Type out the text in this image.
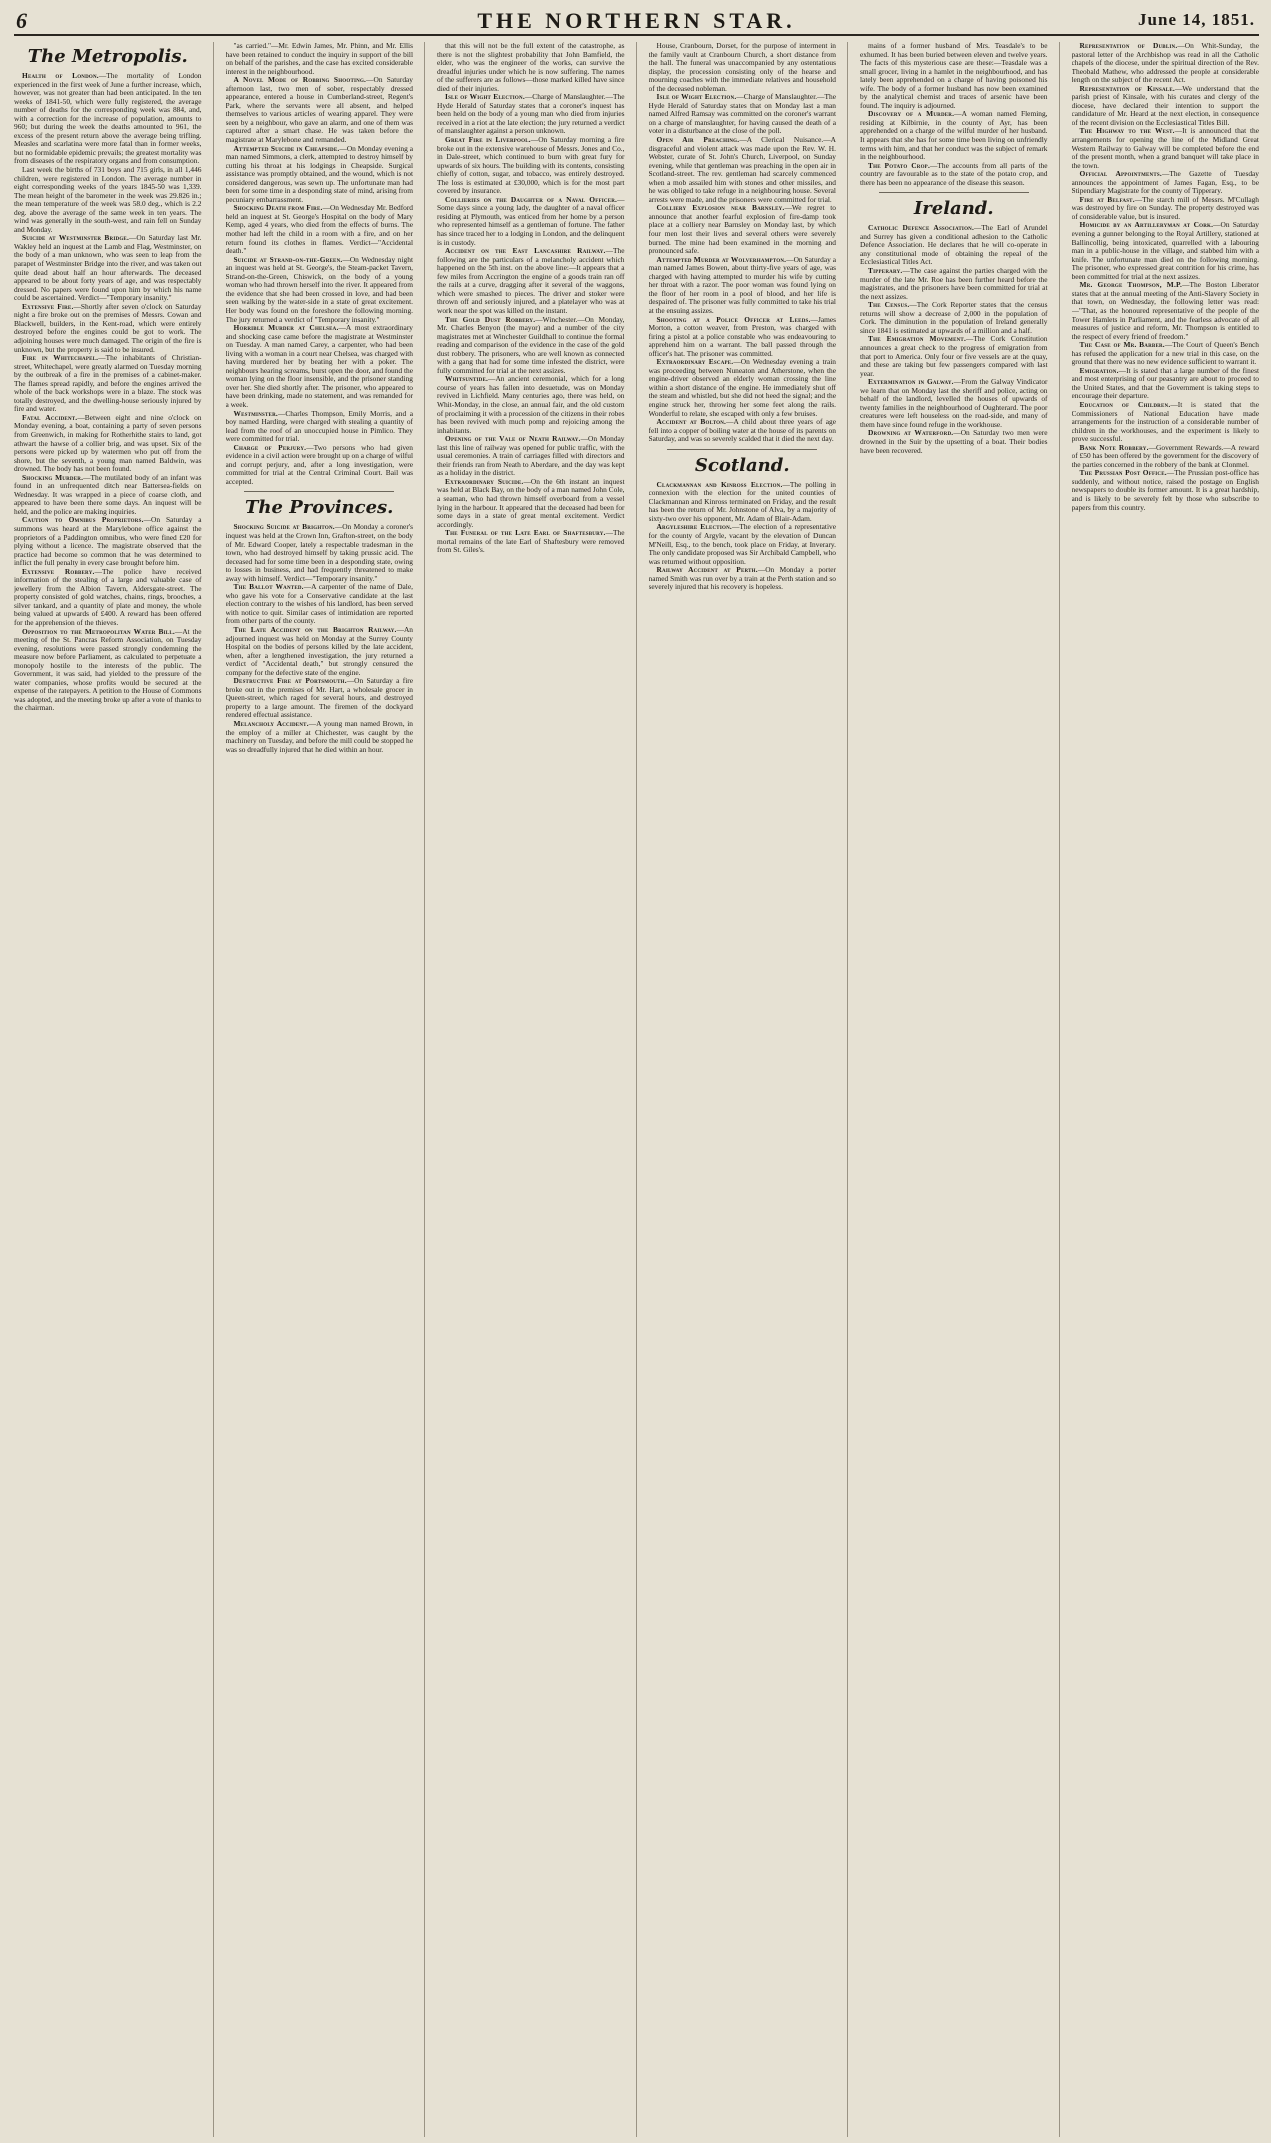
6	THE NORTHERN STAR.	June 14, 1851.
The Metropolis.

Health of London.—The mortality of London experienced in the first week of June a further increase, which, however, was not greater than had been anticipated. In the ten weeks of 1841-50, which were fully registered, the average number of deaths for the corresponding week was 884, and, with a correction for the increase of population, amounts to 960; but during the week the deaths amounted to 961, the excess of the present return above the average being trifling. Measles and scarlatina were more fatal than in former weeks, but no formidable epidemic prevails; the greatest mortality was from diseases of the respiratory organs and from consumption.

Last week the births of 731 boys and 715 girls, in all 1,446 children, were registered in London. The average number in eight corresponding weeks of the years 1845-50 was 1,339. The mean height of the barometer in the week was 29.826 in.; the mean temperature of the week was 58.0 deg., which is 2.2 deg. above the average of the same week in ten years. The wind was generally in the south-west, and rain fell on Sunday and Monday.

Suicide at Westminster Bridge.—On Saturday last Mr. Wakley held an inquest at the Lamb and Flag, Westminster, on the body of a man unknown, who was seen to leap from the parapet of Westminster Bridge into the river, and was taken out quite dead about half an hour afterwards. The deceased appeared to be about forty years of age, and was respectably dressed. No papers were found upon him by which his name could be ascertained. Verdict—"Temporary insanity."

Extensive Fire.—Shortly after seven o'clock on Saturday night a fire broke out on the premises of Messrs. Cowan and Blackwell, builders, in the Kent-road, which were entirely destroyed before the engines could be got to work. The adjoining houses were much damaged. The origin of the fire is unknown, but the property is said to be insured.

Fire in Whitechapel.—The inhabitants of Christian-street, Whitechapel, were greatly alarmed on Tuesday morning by the outbreak of a fire in the premises of a cabinet-maker. The flames spread rapidly, and before the engines arrived the whole of the back workshops were in a blaze. The stock was totally destroyed, and the dwelling-house seriously injured by fire and water.

Fatal Accident.—Between eight and nine o'clock on Monday evening, a boat, containing a party of seven persons from Greenwich, in making for Rotherhithe stairs to land, got athwart the hawse of a collier brig, and was upset. Six of the persons were picked up by watermen who put off from the shore, but the seventh, a young man named Baldwin, was drowned. The body has not been found.

Shocking Murder.—The mutilated body of an infant was found in an unfrequented ditch near Battersea-fields on Wednesday. It was wrapped in a piece of coarse cloth, and appeared to have been there some days. An inquest will be held, and the police are making inquiries.

Caution to Omnibus Proprietors.—On Saturday a summons was heard at the Marylebone office against the proprietors of a Paddington omnibus, who were fined £20 for plying without a licence. The magistrate observed that the practice had become so common that he was determined to inflict the full penalty in every case brought before him.

Extensive Robbery.—The police have received information of the stealing of a large and valuable case of jewellery from the Albion Tavern, Aldersgate-street. The property consisted of gold watches, chains, rings, brooches, a silver tankard, and a quantity of plate and money, the whole being valued at upwards of £400. A reward has been offered for the apprehension of the thieves.

Opposition to the Metropolitan Water Bill.—At the meeting of the St. Pancras Reform Association, on Tuesday evening, resolutions were passed strongly condemning the measure now before Parliament, as calculated to perpetuate a monopoly hostile to the interests of the public. The Government, it was said, had yielded to the pressure of the water companies, whose profits would be secured at the expense of the ratepayers. A petition to the House of Commons was adopted, and the meeting broke up after a vote of thanks to the chairman.

"as carried."—Mr. Edwin James, Mr. Phinn, and Mr. Ellis have been retained to conduct the inquiry in support of the bill on behalf of the parishes, and the case has excited considerable interest in the neighbourhood.

A Novel Mode of Robbing Shooting.—On Saturday afternoon last, two men of sober, respectably dressed appearance, entered a house in Cumberland-street, Regent's Park, where the servants were all absent, and helped themselves to various articles of wearing apparel. They were seen by a neighbour, who gave an alarm, and one of them was captured after a smart chase. He was taken before the magistrate at Marylebone and remanded.

Attempted Suicide in Cheapside.—On Monday evening a man named Simmons, a clerk, attempted to destroy himself by cutting his throat at his lodgings in Cheapside. Surgical assistance was promptly obtained, and the wound, which is not considered dangerous, was sewn up. The unfortunate man had been for some time in a desponding state of mind, arising from pecuniary embarrassment.

Shocking Death from Fire.—On Wednesday Mr. Bedford held an inquest at St. George's Hospital on the body of Mary Kemp, aged 4 years, who died from the effects of burns. The mother had left the child in a room with a fire, and on her return found its clothes in flames. Verdict—"Accidental death."

Suicide at Strand-on-the-Green.—On Wednesday night an inquest was held at St. George's, the Steam-packet Tavern, Strand-on-the-Green, Chiswick, on the body of a young woman who had thrown herself into the river. It appeared from the evidence that she had been crossed in love, and had been seen walking by the water-side in a state of great excitement. Her body was found on the foreshore the following morning. The jury returned a verdict of "Temporary insanity."

Horrible Murder at Chelsea.—A most extraordinary and shocking case came before the magistrate at Westminster on Tuesday. A man named Carey, a carpenter, who had been living with a woman in a court near Chelsea, was charged with having murdered her by beating her with a poker. The neighbours hearing screams, burst open the door, and found the woman lying on the floor insensible, and the prisoner standing over her. She died shortly after. The prisoner, who appeared to have been drinking, made no statement, and was remanded for a week.

Westminster.—Charles Thompson, Emily Morris, and a boy named Harding, were charged with stealing a quantity of lead from the roof of an unoccupied house in Pimlico. They were committed for trial.

Charge of Perjury.—Two persons who had given evidence in a civil action were brought up on a charge of wilful and corrupt perjury, and, after a long investigation, were committed for trial at the Central Criminal Court. Bail was accepted.

The Provinces.

Shocking Suicide at Brighton.—On Monday a coroner's inquest was held at the Crown Inn, Grafton-street, on the body of Mr. Edward Cooper, lately a respectable tradesman in the town, who had destroyed himself by taking prussic acid. The deceased had for some time been in a desponding state, owing to losses in business, and had frequently threatened to make away with himself. Verdict—"Temporary insanity."

The Ballot Wanted.—A carpenter of the name of Dale, who gave his vote for a Conservative candidate at the last election contrary to the wishes of his landlord, has been served with notice to quit. Similar cases of intimidation are reported from other parts of the county.

The Late Accident on the Brighton Railway.—An adjourned inquest was held on Monday at the Surrey County Hospital on the bodies of persons killed by the late accident, when, after a lengthened investigation, the jury returned a verdict of "Accidental death," but strongly censured the company for the defective state of the engine.

Destructive Fire at Portsmouth.—On Saturday a fire broke out in the premises of Mr. Hart, a wholesale grocer in Queen-street, which raged for several hours, and destroyed property to a large amount. The firemen of the dockyard rendered effectual assistance.

Melancholy Accident.—A young man named Brown, in the employ of a miller at Chichester, was caught by the machinery on Tuesday, and before the mill could be stopped he was so dreadfully injured that he died within an hour.

that this will not be the full extent of the catastrophe, as there is not the slightest probability that John Bamfield, the elder, who was the engineer of the works, can survive the dreadful injuries under which he is now suffering. The names of the sufferers are as follows—those marked killed have since died of their injuries.

Isle of Wight Election.—Charge of Manslaughter.—The Hyde Herald of Saturday states that a coroner's inquest has been held on the body of a young man who died from injuries received in a riot at the late election; the jury returned a verdict of manslaughter against a person unknown.

Great Fire in Liverpool.—On Saturday morning a fire broke out in the extensive warehouse of Messrs. Jones and Co., in Dale-street, which continued to burn with great fury for upwards of six hours. The building with its contents, consisting chiefly of cotton, sugar, and tobacco, was entirely destroyed. The loss is estimated at £30,000, which is for the most part covered by insurance.

Collieries on the Daughter of a Naval Officer.—Some days since a young lady, the daughter of a naval officer residing at Plymouth, was enticed from her home by a person who represented himself as a gentleman of fortune. The father has since traced her to a lodging in London, and the delinquent is in custody.

Accident on the East Lancashire Railway.—The following are the particulars of a melancholy accident which happened on the 5th inst. on the above line:—It appears that a few miles from Accrington the engine of a goods train ran off the rails at a curve, dragging after it several of the waggons, which were smashed to pieces. The driver and stoker were thrown off and seriously injured, and a platelayer who was at work near the spot was killed on the instant.

The Gold Dust Robbery.—Winchester.—On Monday, Mr. Charles Benyon (the mayor) and a number of the city magistrates met at Winchester Guildhall to continue the formal reading and comparison of the evidence in the case of the gold dust robbery. The prisoners, who are well known as connected with a gang that had for some time infested the district, were fully committed for trial at the next assizes.

Whitsuntide.—An ancient ceremonial, which for a long course of years has fallen into desuetude, was on Monday revived in Lichfield. Many centuries ago, there was held, on Whit-Monday, in the close, an annual fair, and the old custom of proclaiming it with a procession of the citizens in their robes has been revived with much pomp and rejoicing among the inhabitants.

Opening of the Vale of Neath Railway.—On Monday last this line of railway was opened for public traffic, with the usual ceremonies. A train of carriages filled with directors and their friends ran from Neath to Aberdare, and the day was kept as a holiday in the district.

Extraordinary Suicide.—On the 6th instant an inquest was held at Black Bay, on the body of a man named John Cole, a seaman, who had thrown himself overboard from a vessel lying in the harbour. It appeared that the deceased had been for some days in a state of great mental excitement. Verdict accordingly.

The Funeral of the Late Earl of Shaftesbury.—The mortal remains of the late Earl of Shaftesbury were removed from St. Giles's.

House, Cranbourn, Dorset, for the purpose of interment in the family vault at Cranbourn Church, a short distance from the hall. The funeral was unaccompanied by any ostentatious display, the procession consisting only of the hearse and mourning coaches with the immediate relatives and household of the deceased nobleman.

Isle of Wight Election.—Charge of Manslaughter.—The Hyde Herald of Saturday states that on Monday last a man named Alfred Ramsay was committed on the coroner's warrant on a charge of manslaughter, for having caused the death of a voter in a disturbance at the close of the poll.

Open Air Preaching.—A Clerical Nuisance.—A disgraceful and violent attack was made upon the Rev. W. H. Webster, curate of St. John's Church, Liverpool, on Sunday evening, while that gentleman was preaching in the open air in Scotland-street. The rev. gentleman had scarcely commenced when a mob assailed him with stones and other missiles, and he was obliged to take refuge in a neighbouring house. Several arrests were made, and the prisoners were committed for trial.

Colliery Explosion near Barnsley.—We regret to announce that another fearful explosion of fire-damp took place at a colliery near Barnsley on Monday last, by which four men lost their lives and several others were severely burned. The mine had been examined in the morning and pronounced safe.

Attempted Murder at Wolverhampton.—On Saturday a man named James Bowen, about thirty-five years of age, was charged with having attempted to murder his wife by cutting her throat with a razor. The poor woman was found lying on the floor of her room in a pool of blood, and her life is despaired of. The prisoner was fully committed to take his trial at the ensuing assizes.

Shooting at a Police Officer at Leeds.—James Morton, a cotton weaver, from Preston, was charged with firing a pistol at a police constable who was endeavouring to apprehend him on a warrant. The ball passed through the officer's hat. The prisoner was committed.

Extraordinary Escape.—On Wednesday evening a train was proceeding between Nuneaton and Atherstone, when the engine-driver observed an elderly woman crossing the line within a short distance of the engine. He immediately shut off the steam and whistled, but she did not heed the signal; and the engine struck her, throwing her some feet along the rails. Wonderful to relate, she escaped with only a few bruises.

Accident at Bolton.—A child about three years of age fell into a copper of boiling water at the house of its parents on Saturday, and was so severely scalded that it died the next day.

Scotland.

Clackmannan and Kinross Election.—The polling in connexion with the election for the united counties of Clackmannan and Kinross terminated on Friday, and the result has been the return of Mr. Johnstone of Alva, by a majority of sixty-two over his opponent, Mr. Adam of Blair-Adam.

Argyleshire Election.—The election of a representative for the county of Argyle, vacant by the elevation of Duncan M'Neill, Esq., to the bench, took place on Friday, at Inverary. The only candidate proposed was Sir Archibald Campbell, who was returned without opposition.

Railway Accident at Perth.—On Monday a porter named Smith was run over by a train at the Perth station and so severely injured that his recovery is hopeless.

mains of a former husband of Mrs. Teasdale's to be exhumed. It has been buried between eleven and twelve years. The facts of this mysterious case are these:—Teasdale was a small grocer, living in a hamlet in the neighbourhood, and has lately been apprehended on a charge of having poisoned his wife. The body of a former husband has now been examined by the analytical chemist and traces of arsenic have been found. The inquiry is adjourned.

Discovery of a Murder.—A woman named Fleming, residing at Kilbirnie, in the county of Ayr, has been apprehended on a charge of the wilful murder of her husband. It appears that she has for some time been living on unfriendly terms with him, and that her conduct was the subject of remark in the neighbourhood.

The Potato Crop.—The accounts from all parts of the country are favourable as to the state of the potato crop, and there has been no appearance of the disease this season.

Ireland.

Catholic Defence Association.—The Earl of Arundel and Surrey has given a conditional adhesion to the Catholic Defence Association. He declares that he will co-operate in any constitutional mode of obtaining the repeal of the Ecclesiastical Titles Act.

Tipperary.—The case against the parties charged with the murder of the late Mr. Roe has been further heard before the magistrates, and the prisoners have been committed for trial at the next assizes.

The Census.—The Cork Reporter states that the census returns will show a decrease of 2,000 in the population of Cork. The diminution in the population of Ireland generally since 1841 is estimated at upwards of a million and a half.

The Emigration Movement.—The Cork Constitution announces a great check to the progress of emigration from that port to America. Only four or five vessels are at the quay, and these are taking but few passengers compared with last year.

Extermination in Galway.—From the Galway Vindicator we learn that on Monday last the sheriff and police, acting on behalf of the landlord, levelled the houses of upwards of twenty families in the neighbourhood of Oughterard. The poor creatures were left houseless on the road-side, and many of them have since found refuge in the workhouse.

Drowning at Waterford.—On Saturday two men were drowned in the Suir by the upsetting of a boat. Their bodies have been recovered.

Representation of Dublin.—On Whit-Sunday, the pastoral letter of the Archbishop was read in all the Catholic chapels of the diocese, under the spiritual direction of the Rev. Theobald Mathew, who addressed the people at considerable length on the subject of the recent Act.

Representation of Kinsale.—We understand that the parish priest of Kinsale, with his curates and clergy of the diocese, have declared their intention to support the candidature of Mr. Heard at the next election, in consequence of the recent division on the Ecclesiastical Titles Bill.

The Highway to the West.—It is announced that the arrangements for opening the line of the Midland Great Western Railway to Galway will be completed before the end of the present month, when a grand banquet will take place in the town.

Official Appointments.—The Gazette of Tuesday announces the appointment of James Fagan, Esq., to be Stipendiary Magistrate for the county of Tipperary.

Fire at Belfast.—The starch mill of Messrs. M'Cullagh was destroyed by fire on Sunday. The property destroyed was of considerable value, but is insured.

Homicide by an Artilleryman at Cork.—On Saturday evening a gunner belonging to the Royal Artillery, stationed at Ballincollig, being intoxicated, quarrelled with a labouring man in a public-house in the village, and stabbed him with a knife. The unfortunate man died on the following morning. The prisoner, who expressed great contrition for his crime, has been committed for trial at the next assizes.

Mr. George Thompson, M.P.—The Boston Liberator states that at the annual meeting of the Anti-Slavery Society in that town, on Wednesday, the following letter was read:—"That, as the honoured representative of the people of the Tower Hamlets in Parliament, and the fearless advocate of all measures of justice and reform, Mr. Thompson is entitled to the respect of every friend of freedom."

The Case of Mr. Barber.—The Court of Queen's Bench has refused the application for a new trial in this case, on the ground that there was no new evidence sufficient to warrant it.

Emigration.—It is stated that a large number of the finest and most enterprising of our peasantry are about to proceed to the United States, and that the Government is taking steps to encourage their departure.

Education of Children.—It is stated that the Commissioners of National Education have made arrangements for the instruction of a considerable number of children in the workhouses, and the experiment is likely to prove successful.

Bank Note Robbery.—Government Rewards.—A reward of £50 has been offered by the government for the discovery of the parties concerned in the robbery of the bank at Clonmel.

The Prussian Post Office.—The Prussian post-office has suddenly, and without notice, raised the postage on English newspapers to double its former amount. It is a great hardship, and is likely to be severely felt by those who subscribe to papers from this country.
